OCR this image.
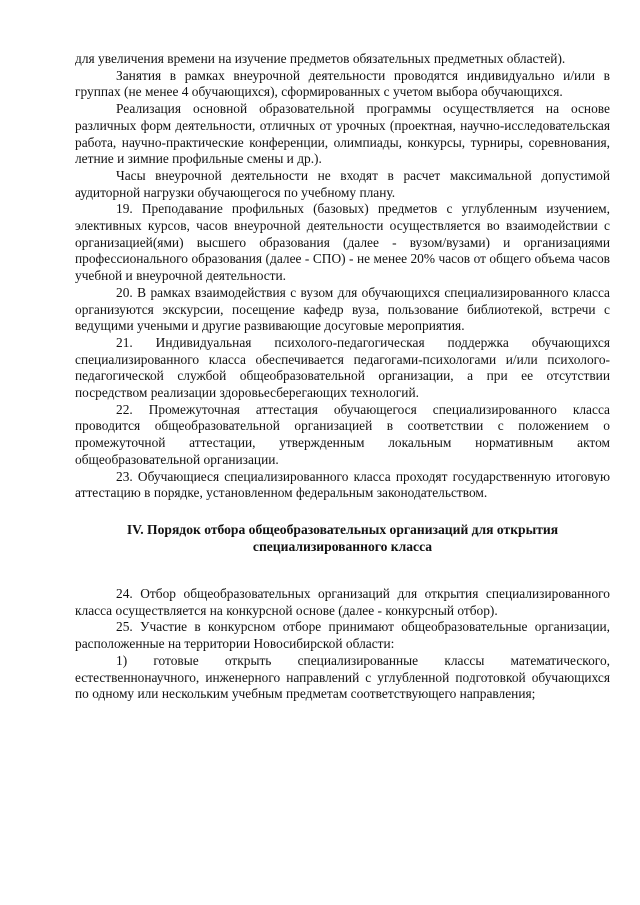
для увеличения времени на изучение предметов обязательных предметных областей).

Занятия в рамках внеурочной деятельности проводятся индивидуально и/или в группах (не менее 4 обучающихся), сформированных с учетом выбора обучающихся.

Реализация основной образовательной программы осуществляется на основе различных форм деятельности, отличных от урочных (проектная, научно-исследовательская работа, научно-практические конференции, олимпиады, конкурсы, турниры, соревнования, летние и зимние профильные смены и др.).

Часы внеурочной деятельности не входят в расчет максимальной допустимой аудиторной нагрузки обучающегося по учебному плану.

19. Преподавание профильных (базовых) предметов с углубленным изучением, элективных курсов, часов внеурочной деятельности осуществляется во взаимодействии с организацией(ями) высшего образования (далее - вузом/вузами) и организациями профессионального образования (далее - СПО) - не менее 20% часов от общего объема часов учебной и внеурочной деятельности.

20. В рамках взаимодействия с вузом для обучающихся специализированного класса организуются экскурсии, посещение кафедр вуза, пользование библиотекой, встречи с ведущими учеными и другие развивающие досуговые мероприятия.

21. Индивидуальная психолого-педагогическая поддержка обучающихся специализированного класса обеспечивается педагогами-психологами и/или психолого-педагогической службой общеобразовательной организации, а при ее отсутствии посредством реализации здоровьесберегающих технологий.

22. Промежуточная аттестация обучающегося специализированного класса проводится общеобразовательной организацией в соответствии с положением о промежуточной аттестации, утвержденным локальным нормативным актом общеобразовательной организации.

23. Обучающиеся специализированного класса проходят государственную итоговую аттестацию в порядке, установленном федеральным законодательством.

IV. Порядок отбора общеобразовательных организаций для открытия специализированного класса

24. Отбор общеобразовательных организаций для открытия специализированного класса осуществляется на конкурсной основе (далее - конкурсный отбор).

25. Участие в конкурсном отборе принимают общеобразовательные организации, расположенные на территории Новосибирской области:

1) готовые открыть специализированные классы математического, естественнонаучного, инженерного направлений с углубленной подготовкой обучающихся по одному или нескольким учебным предметам соответствующего направления;
